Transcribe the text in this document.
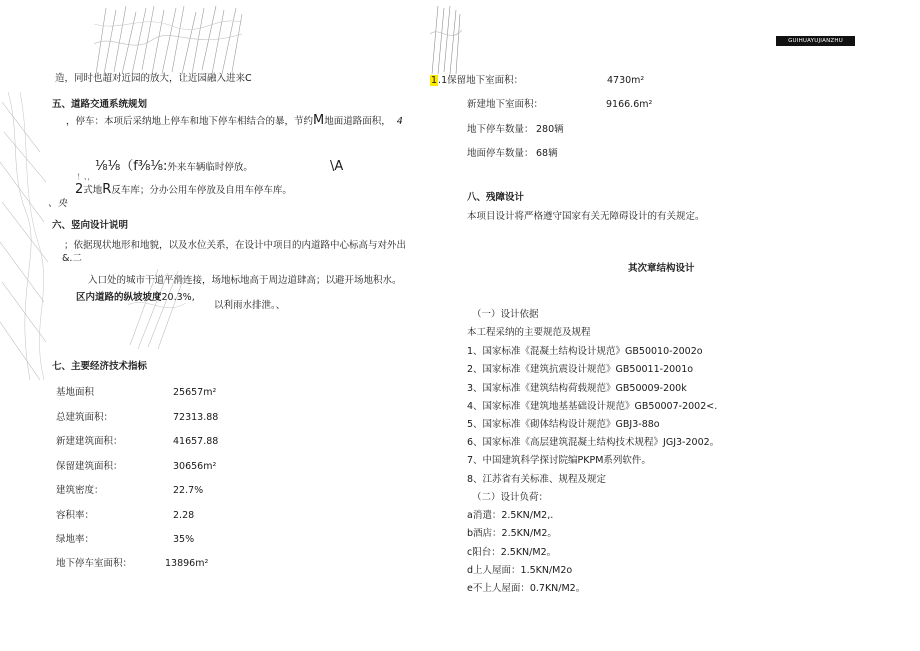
GUIHUAYUJIANZHU
造，同时也超对近园的放大，让近园融入进来C
五、道路交通系统规划
，停车：本项后采纳地上停车和地下停车相结合的暴，节约M地面道路面积， 4
⅛⅛（f⅜⅛:外来车辆临时停放。	\A
！、，
2式地R反车库；分办公用车停放及自用车停车库。
、央
六、竖向设计说明
；依据现状地形和地貌，以及水位关系，在设计中项目的内道路中心标高与对外出
&.二
入口处的城市干道平滑连接，场地标地高于周边道肆高；以避开场地积水。
区内道路的纵坡坡度20.3%,
以利雨水排泄。、
七、主要经济技术指标
基地面积	25657m²
总建筑面积：	72313.88
新建建筑面积：	41657.88
保留建筑面积：	30656m²
建筑密度：	22.7%
容积率：	2.28
绿地率：	35%
地下停车室面积：	13896m²
1.1保留地下室面积：	4730m²
新建地下室面积：	9166.6m²
地下停车数量： 280辆
地面停车数量： 68辆
八、残障设计
本项目设计将严格遵守国家有关无障碍设计的有关规定。
其次章结构设计
（一）设计依据
本工程采纳的主要规范及规程
1、国家标准《混凝土结构设计规范》GB50010-2002o
2、国家标准《建筑抗震设计规范》GB50011-2001o
3、国家标准《建筑结构荷载规范》GB50009-200k
4、国家标准《建筑地基基础设计规范》GB50007-2002<.
5、国家标准《砌体结构设计规范》GBJ3-88o
6、国家标准《高层建筑混凝土结构技术规程》JGJ3-2002。
7、中国建筑科学探讨院编PKPM系列软件。
8、江苏省有关标准、规程及规定
（二）设计负荷：
a消遣：2.5KN∕M2,.
b酒店：2.5KN∕M2。
c阳台：2.5KN/M2。
d上人屋面：1.5KN∕M2o
e不上人屋面：0.7KN∕M2。
